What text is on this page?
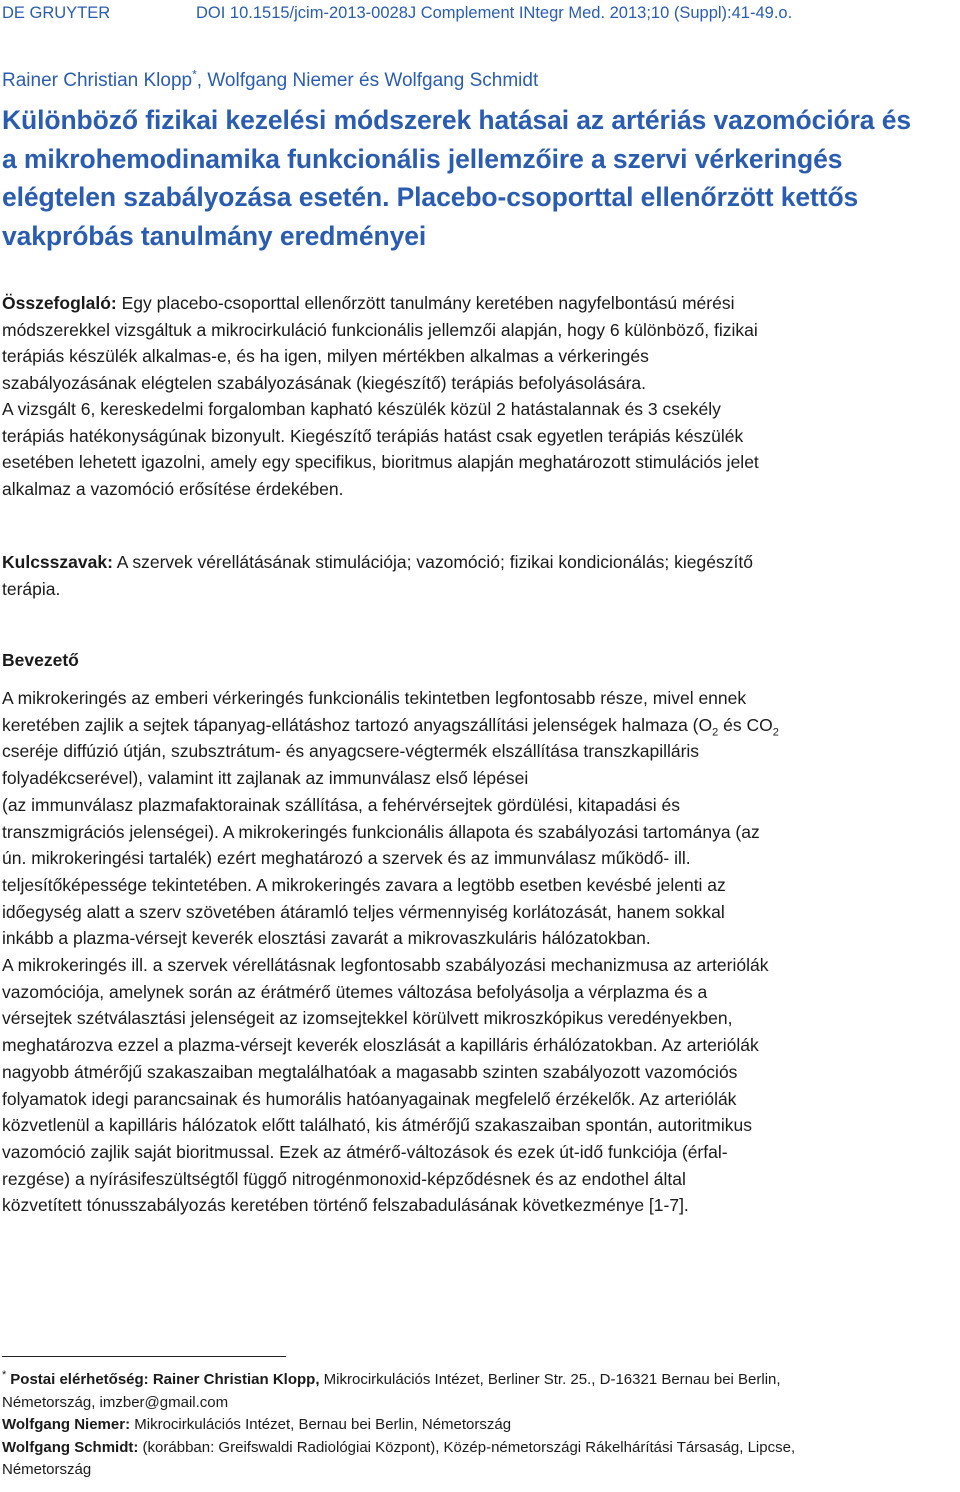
DE GRUYTER	DOI 10.1515/jcim-2013-0028J Complement INtegr Med. 2013;10 (Suppl):41-49.o.
Rainer Christian Klopp*, Wolfgang Niemer és Wolfgang Schmidt
Különböző fizikai kezelési módszerek hatásai az artériás vazomócióra és
a mikrohemodinamika funkcionális jellemzőire a szervi vérkeringés
elégtelen szabályozása esetén. Placebo-csoporttal ellenőrzött kettős
vakpróbás tanulmány eredményei
Összefoglaló: Egy placebo-csoporttal ellenőrzött tanulmány keretében nagyfelbontású mérési
módszerekkel vizsgáltuk a mikrocirkuláció funkcionális jellemzői alapján, hogy 6 különböző, fizikai
terápiás készülék alkalmas-e, és ha igen, milyen mértékben alkalmas a vérkeringés
szabályozásának elégtelen szabályozásának (kiegészítő) terápiás befolyásolására.
A vizsgált 6, kereskedelmi forgalomban kapható készülék közül 2 hatástalannak és 3 csekély
terápiás hatékonyságúnak bizonyult. Kiegészítő terápiás hatást csak egyetlen terápiás készülék
esetében lehetett igazolni, amely egy specifikus, bioritmus alapján meghatározott stimulációs jelet
alkalmaz a vazomóció erősítése érdekében.
Kulcsszavak: A szervek vérellátásának stimulációja; vazomóció; fizikai kondicionálás; kiegészítő
terápia.
Bevezető
A mikrokeringés az emberi vérkeringés funkcionális tekintetben legfontosabb része, mivel ennek
keretében zajlik a sejtek tápanyag-ellátáshoz tartozó anyagszállítási jelenségek halmaza ($O_2$ és $CO_2$
cseréje diffúzió útján, szubsztrátum- és anyagcsere-végtermék elszállítása transzkapilláris
folyadékcserével), valamint itt zajlanak az immunválasz első lépései
(az immunválasz plazmafaktorainak szállítása, a fehérvérsejtek gördülési, kitapadási és
transzmigrációs jelenségei). A mikrokeringés funkcionális állapota és szabályozási tartománya (az
ún. mikrokeringési tartalék) ezért meghatározó a szervek és az immunválasz működő- ill.
teljesítőképessége tekintetében. A mikrokeringés zavara a legtöbb esetben kevésbé jelenti az
időegység alatt a szerv szövetében átáramló teljes vérmennyiség korlátozását, hanem sokkal
inkább a plazma-vérsejt keverék elosztási zavarát a mikrovaszkuláris hálózatokban.
A mikrokeringés ill. a szervek vérellátásnak legfontosabb szabályozási mechanizmusa az arteriólák
vazomóciója, amelynek során az érátmérő ütemes változása befolyásolja a vérplazma és a
vérsejtek szétválasztási jelenségeit az izomsejtekkel körülvett mikroszkópikus veredényekben,
meghatározva ezzel a plazma-vérsejt keverék eloszlását a kapilláris érhálózatokban. Az arteriólák
nagyobb átmérőjű szakaszaiban megtalálhatóak a magasabb szinten szabályozott vazomóciós
folyamatok idegi parancsainak és humorális hatóanyagainak megfelelő érzékelők. Az arteriólák
közvetlenül a kapilláris hálózatok előtt található, kis átmérőjű szakaszaiban spontán, autoritmikus
vazomóció zajlik saját bioritmussal. Ezek az átmérő-változások és ezek út-idő funkciója (érfal-
rezgése) a nyírásifeszültségtől függő nitrogénmonoxid-képződésnek és az endothel által
közvetített tónusszabályozás keretében történő felszabadulásának következménye [1-7].
* Postai elérhetőség: Rainer Christian Klopp, Mikrocirkulációs Intézet, Berliner Str. 25., D-16321 Bernau bei Berlin,
Németország, imzber@gmail.com
Wolfgang Niemer: Mikrocirkulációs Intézet, Bernau bei Berlin, Németország
Wolfgang Schmidt: (korábban: Greifswaldi Radiológiai Központ), Közép-németországi Rákelhárítási Társaság, Lipcse,
Németország
